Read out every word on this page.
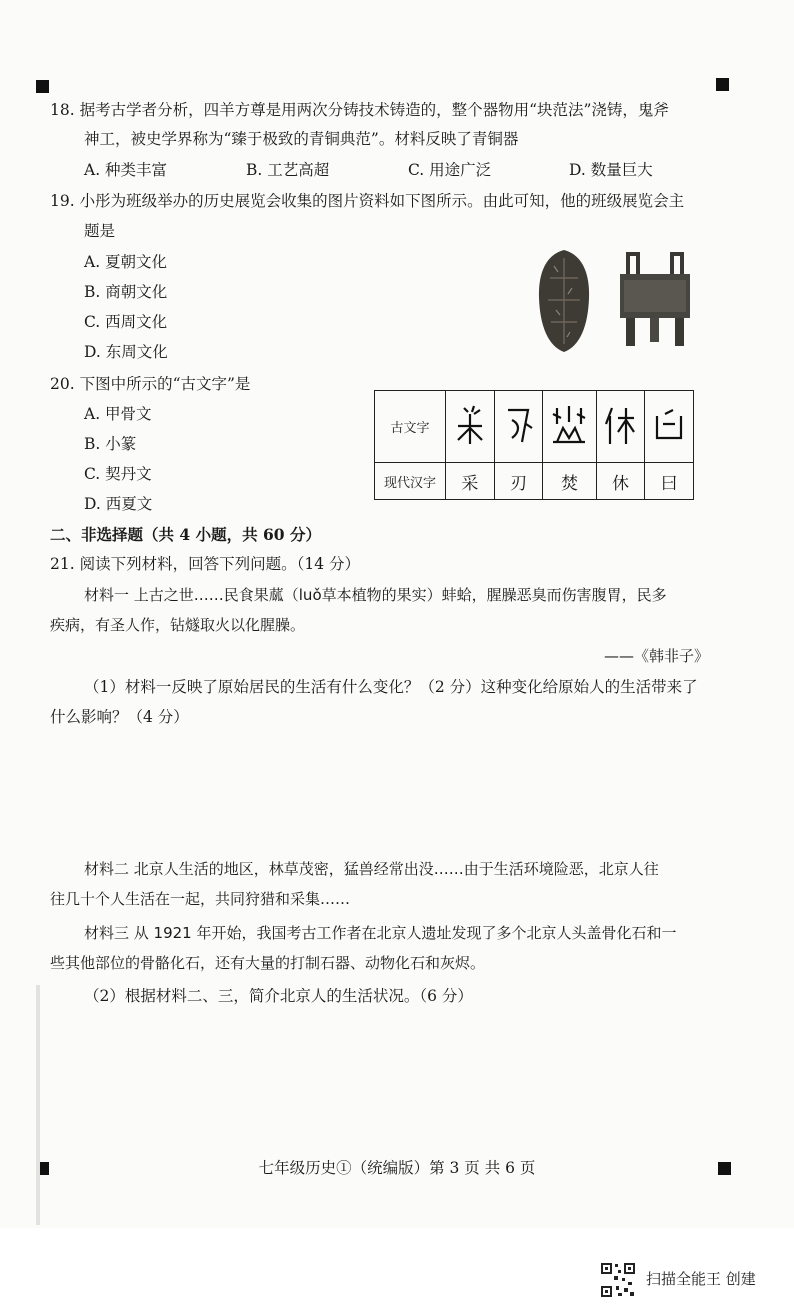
18. 据考古学者分析，四羊方尊是用两次分铸技术铸造的，整个器物用“块范法”浇铸，鬼斧
神工，被史学界称为“臻于极致的青铜典范”。材料反映了青铜器
A. 种类丰富	B. 工艺高超	C. 用途广泛	D. 数量巨大
19. 小彤为班级举办的历史展览会收集的图片资料如下图所示。由此可知，他的班级展览会主
题是
A. 夏朝文化
B. 商朝文化
C. 西周文化
D. 东周文化
20. 下图中所示的“古文字”是
A. 甲骨文
B. 小篆
C. 契丹文
D. 西夏文
古文字					
现代汉字	采	刃	焚	休	曰
二、非选择题（共 4 小题，共 60 分）
21. 阅读下列材料，回答下列问题。（14 分）
材料一 上古之世……民食果蓏（luǒ草本植物的果实）蚌蛤，腥臊恶臭而伤害腹胃，民多
疾病，有圣人作，钻燧取火以化腥臊。
——《韩非子》
（1）材料一反映了原始居民的生活有什么变化？（2 分）这种变化给原始人的生活带来了
什么影响？（4 分）
材料二 北京人生活的地区，林草茂密，猛兽经常出没……由于生活环境险恶，北京人往
往几十个人生活在一起，共同狩猎和采集……
材料三 从 1921 年开始，我国考古工作者在北京人遗址发现了多个北京人头盖骨化石和一
些其他部位的骨骼化石，还有大量的打制石器、动物化石和灰烬。
（2）根据材料二、三，简介北京人的生活状况。（6 分）
七年级历史①（统编版）第 3 页 共 6 页
扫描全能王 创建
